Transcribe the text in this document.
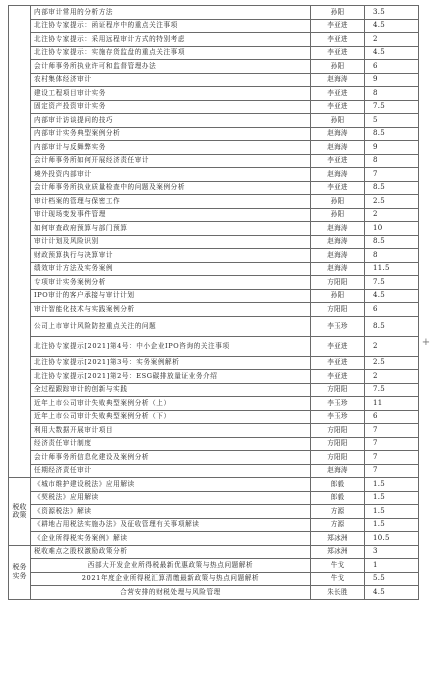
	内部审计常用的分析方法	孙阳	3.5
	北注协专家提示：函证程序中的重点关注事项	李亚进	4.5
	北注协专家提示：采用远程审计方式的特别考虑	李亚进	2
	北注协专家提示：实施存货监盘的重点关注事项	李亚进	4.5
	会计师事务所执业许可和监督管理办法	孙阳	6
	农村集体经济审计	赵海涛	9
	建设工程项目审计实务	李亚进	8
	固定资产投资审计实务	李亚进	7.5
	内部审计访谈提问的技巧	孙阳	5
	内部审计实务典型案例分析	赵海涛	8.5
	内部审计与反舞弊实务	赵海涛	9
	会计师事务所如何开展经济责任审计	李亚进	8
	境外投资内部审计	赵海涛	7
	会计师事务所执业质量检查中的问题及案例分析	李亚进	8.5
	审计档案的管理与保密工作	孙阳	2.5
	审计现场变发事件管理	孙阳	2
	如何审查政府预算与部门预算	赵海涛	10
	审计计划及风险识别	赵海涛	8.5
	财政预算执行与决算审计	赵海涛	8
	绩效审计方法及实务案例	赵海涛	11.5
	专项审计实务案例分析	方阳阳	7.5
	IPO审计的客户承接与审计计划	孙阳	4.5
	审计智能化技术与实践案例分析	方阳阳	6
	公司上市审计风险防控重点关注的问题	李玉珍	8.5
	北注协专家提示[2021]第4号：中小企业IPO咨询的关注事项	李亚进	2
	北注协专家提示[2021]第3号：实务案例解析	李亚进	2.5
	北注协专家提示[2021]第2号：ESG碳排放量证业务介绍	李亚进	2
	全过程跟踪审计的创新与实践	方阳阳	7.5
	近年上市公司审计失败典型案例分析（上）	李玉珍	11
	近年上市公司审计失败典型案例分析（下）	李玉珍	6
	利用大数据开展审计项目	方阳阳	7
	经济责任审计制度	方阳阳	7
	会计师事务所信息化建设及案例分析	方阳阳	7
	任期经济责任审计	赵海涛	7
税收政策	《城市维护建设税法》应用解读	郎毅	1.5
	《契税法》应用解读	郎毅	1.5
	《资源税法》解读	方源	1.5
	《耕地占用税法实施办法》及征收管理有关事项解读	方源	1.5
	《企业所得税实务案例》解读	郑冰洲	10.5
税务实务	税收难点之股权激励政策分析	郑冰洲	3
	西部大开发企业所得税最新优惠政策与热点问题解析	牛戈	1
	2021年度企业所得税汇算清缴最新政策与热点问题解析	牛戈	5.5
	合营安排的财税处理与风险管理	朱长胜	4.5
+
